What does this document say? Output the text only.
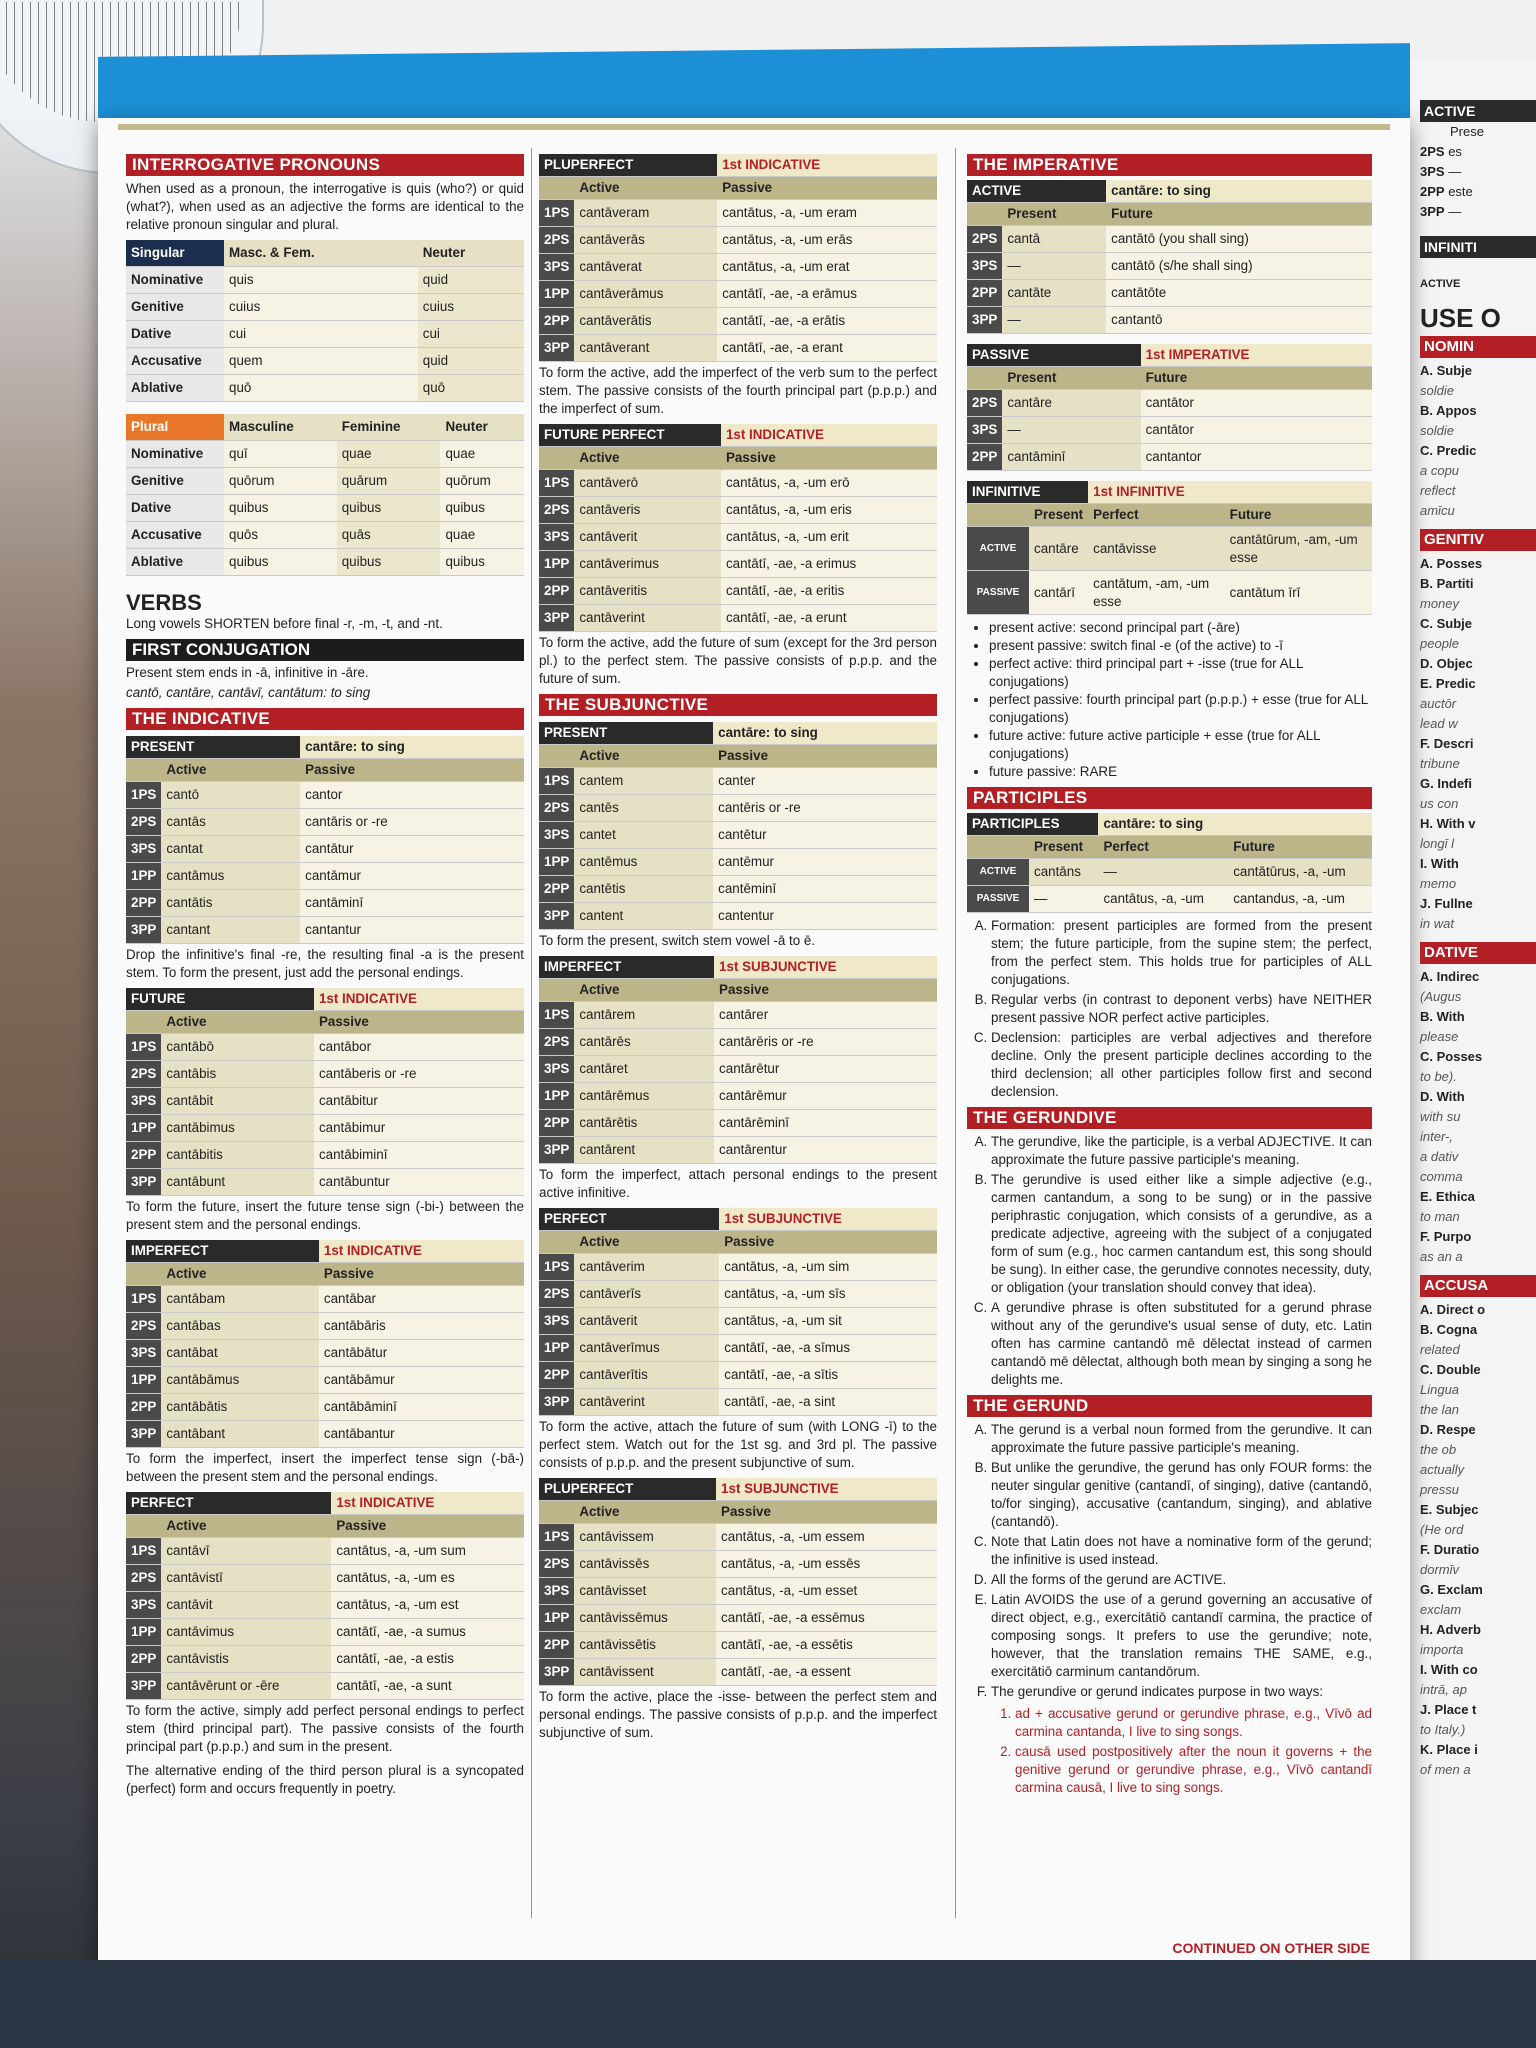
INTERROGATIVE PRONOUNS

When used as a pronoun, the interrogative is quis (who?) or quid (what?), when used as an adjective the forms are identical to the relative pronoun singular and plural.

Singular	Masc. & Fem.	Neuter
Nominative	quis	quid
Genitive	cuius	cuius
Dative	cui	cui
Accusative	quem	quid
Ablative	quō	quō
Plural	Masculine	Feminine	Neuter
Nominative	quī	quae	quae
Genitive	quōrum	quārum	quōrum
Dative	quibus	quibus	quibus
Accusative	quōs	quās	quae
Ablative	quibus	quibus	quibus
VERBS

Long vowels SHORTEN before final -r, -m, -t, and -nt.

FIRST CONJUGATION

Present stem ends in -ā, infinitive in -āre.

cantō, cantāre, cantāvī, cantātum: to sing

THE INDICATIVE
PRESENT		cantāre: to sing
	Active	Passive
1PS	cantō	cantor
2PS	cantās	cantāris or -re
3PS	cantat	cantātur
1PP	cantāmus	cantāmur
2PP	cantātis	cantāminī
3PP	cantant	cantantur

Drop the infinitive's final -re, the resulting final -a is the present stem. To form the present, just add the personal endings.

FUTURE		1st INDICATIVE
	Active	Passive
1PS	cantābō	cantābor
2PS	cantābis	cantāberis or -re
3PS	cantābit	cantābitur
1PP	cantābimus	cantābimur
2PP	cantābitis	cantābiminī
3PP	cantābunt	cantābuntur

To form the future, insert the future tense sign (-bi-) between the present stem and the personal endings.

IMPERFECT		1st INDICATIVE
	Active	Passive
1PS	cantābam	cantābar
2PS	cantābas	cantābāris
3PS	cantābat	cantābātur
1PP	cantābāmus	cantābāmur
2PP	cantābātis	cantābāminī
3PP	cantābant	cantābantur

To form the imperfect, insert the imperfect tense sign (-bā-) between the present stem and the personal endings.

PERFECT		1st INDICATIVE
	Active	Passive
1PS	cantāvī	cantātus, -a, -um sum
2PS	cantāvistī	cantātus, -a, -um es
3PS	cantāvit	cantātus, -a, -um est
1PP	cantāvimus	cantātī, -ae, -a sumus
2PP	cantāvistis	cantātī, -ae, -a estis
3PP	cantāvērunt or -ēre	cantātī, -ae, -a sunt

To form the active, simply add perfect personal endings to perfect stem (third principal part). The passive consists of the fourth principal part (p.p.p.) and sum in the present.

The alternative ending of the third person plural is a syncopated (perfect) form and occurs frequently in poetry.

PLUPERFECT		1st INDICATIVE
	Active	Passive
1PS	cantāveram	cantātus, -a, -um eram
2PS	cantāverās	cantātus, -a, -um erās
3PS	cantāverat	cantātus, -a, -um erat
1PP	cantāverāmus	cantātī, -ae, -a erāmus
2PP	cantāverātis	cantātī, -ae, -a erātis
3PP	cantāverant	cantātī, -ae, -a erant

To form the active, add the imperfect of the verb sum to the perfect stem. The passive consists of the fourth principal part (p.p.p.) and the imperfect of sum.

FUTURE PERFECT		1st INDICATIVE
	Active	Passive
1PS	cantāverō	cantātus, -a, -um erō
2PS	cantāveris	cantātus, -a, -um eris
3PS	cantāverit	cantātus, -a, -um erit
1PP	cantāverimus	cantātī, -ae, -a erimus
2PP	cantāveritis	cantātī, -ae, -a eritis
3PP	cantāverint	cantātī, -ae, -a erunt

To form the active, add the future of sum (except for the 3rd person pl.) to the perfect stem. The passive consists of p.p.p. and the future of sum.

THE SUBJUNCTIVE
PRESENT		cantāre: to sing
	Active	Passive
1PS	cantem	canter
2PS	cantēs	cantēris or -re
3PS	cantet	cantētur
1PP	cantēmus	cantēmur
2PP	cantētis	cantēminī
3PP	cantent	cantentur

To form the present, switch stem vowel -ā to ē.

IMPERFECT		1st SUBJUNCTIVE
	Active	Passive
1PS	cantārem	cantārer
2PS	cantārēs	cantārēris or -re
3PS	cantāret	cantārētur
1PP	cantārēmus	cantārēmur
2PP	cantārētis	cantārēminī
3PP	cantārent	cantārentur

To form the imperfect, attach personal endings to the present active infinitive.

PERFECT		1st SUBJUNCTIVE
	Active	Passive
1PS	cantāverim	cantātus, -a, -um sim
2PS	cantāverīs	cantātus, -a, -um sīs
3PS	cantāverit	cantātus, -a, -um sit
1PP	cantāverīmus	cantātī, -ae, -a sīmus
2PP	cantāverītis	cantātī, -ae, -a sītis
3PP	cantāverint	cantātī, -ae, -a sint

To form the active, attach the future of sum (with LONG -ī) to the perfect stem. Watch out for the 1st sg. and 3rd pl. The passive consists of p.p.p. and the present subjunctive of sum.

PLUPERFECT		1st SUBJUNCTIVE
	Active	Passive
1PS	cantāvissem	cantātus, -a, -um essem
2PS	cantāvissēs	cantātus, -a, -um essēs
3PS	cantāvisset	cantātus, -a, -um esset
1PP	cantāvissēmus	cantātī, -ae, -a essēmus
2PP	cantāvissētis	cantātī, -ae, -a essētis
3PP	cantāvissent	cantātī, -ae, -a essent

To form the active, place the -isse- between the perfect stem and personal endings. The passive consists of p.p.p. and the imperfect subjunctive of sum.

THE IMPERATIVE
ACTIVE		cantāre: to sing
	Present	Future
2PS	cantā	cantātō (you shall sing)
3PS	—	cantātō (s/he shall sing)
2PP	cantāte	cantātōte
3PP	—	cantantō
PASSIVE		1st IMPERATIVE
	Present	Future
2PS	cantāre	cantātor
3PS	—	cantātor
2PP	cantāminī	cantantor
INFINITIVE		1st INFINITIVE	
	Present	Perfect	Future
ACTIVE	cantāre	cantāvisse	cantātūrum, -am, -um esse
PASSIVE	cantārī	cantātum, -am, -um esse	cantātum īrī
• present active: second principal part (-āre)
• present passive: switch final -e (of the active) to -ī
• perfect active: third principal part + -isse (true for ALL conjugations)
• perfect passive: fourth principal part (p.p.p.) + esse (true for ALL conjugations)
• future active: future active participle + esse (true for ALL conjugations)
• future passive: RARE
PARTICIPLES
PARTICIPLES		cantāre: to sing	
	Present	Perfect	Future
ACTIVE	cantāns	—	cantātūrus, -a, -um
PASSIVE	—	cantātus, -a, -um	cantandus, -a, -um
A. Formation: present participles are formed from the present stem; the future participle, from the supine stem; the perfect, from the perfect stem. This holds true for participles of ALL conjugations.
B. Regular verbs (in contrast to deponent verbs) have NEITHER present passive NOR perfect active participles.
C. Declension: participles are verbal adjectives and therefore decline. Only the present participle declines according to the third declension; all other participles follow first and second declension.
THE GERUNDIVE
A. The gerundive, like the participle, is a verbal ADJECTIVE. It can approximate the future passive participle's meaning.
B. The gerundive is used either like a simple adjective (e.g., carmen cantandum, a song to be sung) or in the passive periphrastic conjugation, which consists of a gerundive, as a predicate adjective, agreeing with the subject of a conjugated form of sum (e.g., hoc carmen cantandum est, this song should be sung). In either case, the gerundive connotes necessity, duty, or obligation (your translation should convey that idea).
C. A gerundive phrase is often substituted for a gerund phrase without any of the gerundive's usual sense of duty, etc. Latin often has carmine cantandō mē dēlectat instead of carmen cantandō mē dēlectat, although both mean by singing a song he delights me.
THE GERUND
A. The gerund is a verbal noun formed from the gerundive. It can approximate the future passive participle's meaning.
B. But unlike the gerundive, the gerund has only FOUR forms: the neuter singular genitive (cantandī, of singing), dative (cantandō, to/for singing), accusative (cantandum, singing), and ablative (cantandō).
C. Note that Latin does not have a nominative form of the gerund; the infinitive is used instead.
D. All the forms of the gerund are ACTIVE.
E. Latin AVOIDS the use of a gerund governing an accusative of direct object, e.g., exercitātiō cantandī carmina, the practice of composing songs. It prefers to use the gerundive; note, however, that the translation remains THE SAME, e.g., exercitātiō carminum cantandōrum.
F. The gerundive or gerund indicates purpose in two ways:
1. ad + accusative gerund or gerundive phrase, e.g., Vīvō ad carmina cantanda, I live to sing songs.
2. causā used postpositively after the noun it governs + the genitive gerund or gerundive phrase, e.g., Vīvō cantandī carmina causā, I live to sing songs.
CONTINUED ON OTHER SIDE
ACTIVE
Prese
2PS es
3PS —
2PP este
3PP —
INFINITI
ACTIVE
USE O
NOMIN
A. Subje
soldie
B. Appos
soldie
C. Predic
a copu
reflect
amīcu
GENITIV
A. Posses
B. Partiti
money
C. Subje
people
D. Objec
E. Predic
auctōr
lead w
F. Descri
tribune
G. Indefi
us con
H. With v
longī l
I. With
memo
J. Fullne
in wat
DATIVE
A. Indirec
(Augus
B. With
please
C. Posses
to be).
D. With
with su
inter-,
a dativ
comma
E. Ethica
to man
F. Purpo
as an a
ACCUSA
A. Direct o
B. Cogna
related
C. Double
Lingua
the lan
D. Respe
the ob
actually
pressu
E. Subjec
(He ord
F. Duratio
dormīv
G. Exclam
exclam
H. Adverb
importa
I. With co
intrā, ap
J. Place t
to Italy.)
K. Place i
of men a
